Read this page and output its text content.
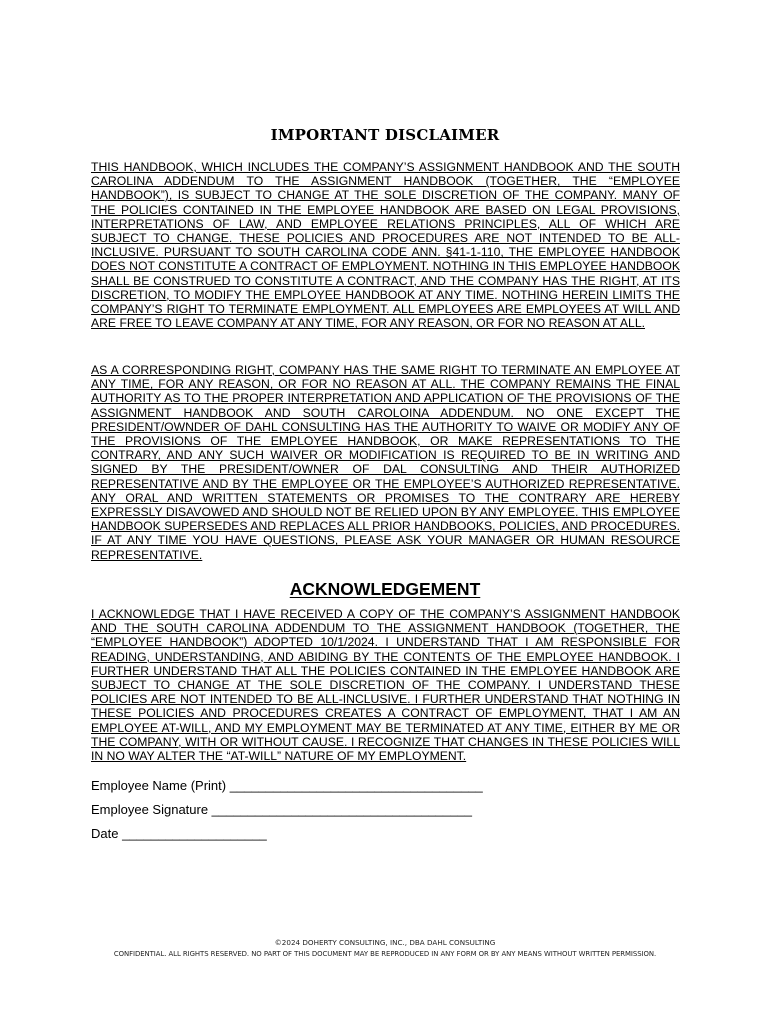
IMPORTANT DISCLAIMER

THIS HANDBOOK, WHICH INCLUDES THE COMPANY’S ASSIGNMENT HANDBOOK AND THE SOUTH CAROLINA ADDENDUM TO THE ASSIGNMENT HANDBOOK (TOGETHER, THE “EMPLOYEE HANDBOOK”), IS SUBJECT TO CHANGE AT THE SOLE DISCRETION OF THE COMPANY. MANY OF THE POLICIES CONTAINED IN THE EMPLOYEE HANDBOOK ARE BASED ON LEGAL PROVISIONS, INTERPRETATIONS OF LAW, AND EMPLOYEE RELATIONS PRINCIPLES, ALL OF WHICH ARE SUBJECT TO CHANGE. THESE POLICIES AND PROCEDURES ARE NOT INTENDED TO BE ALL-INCLUSIVE. PURSUANT TO SOUTH CAROLINA CODE ANN. §41-1-110, THE EMPLOYEE HANDBOOK DOES NOT CONSTITUTE A CONTRACT OF EMPLOYMENT. NOTHING IN THIS EMPLOYEE HANDBOOK SHALL BE CONSTRUED TO CONSTITUTE A CONTRACT, AND THE COMPANY HAS THE RIGHT, AT ITS DISCRETION, TO MODIFY THE EMPLOYEE HANDBOOK AT ANY TIME. NOTHING HEREIN LIMITS THE COMPANY’S RIGHT TO TERMINATE EMPLOYMENT. ALL EMPLOYEES ARE EMPLOYEES AT WILL AND ARE FREE TO LEAVE COMPANY AT ANY TIME, FOR ANY REASON, OR FOR NO REASON AT ALL.

AS A CORRESPONDING RIGHT, COMPANY HAS THE SAME RIGHT TO TERMINATE AN EMPLOYEE AT ANY TIME, FOR ANY REASON, OR FOR NO REASON AT ALL. THE COMPANY REMAINS THE FINAL AUTHORITY AS TO THE PROPER INTERPRETATION AND APPLICATION OF THE PROVISIONS OF THE ASSIGNMENT HANDBOOK AND SOUTH CAROLOINA ADDENDUM. NO ONE EXCEPT THE PRESIDENT/OWNDER OF DAHL CONSULTING HAS THE AUTHORITY TO WAIVE OR MODIFY ANY OF THE PROVISIONS OF THE EMPLOYEE HANDBOOK, OR MAKE REPRESENTATIONS TO THE CONTRARY, AND ANY SUCH WAIVER OR MODIFICATION IS REQUIRED TO BE IN WRITING AND SIGNED BY THE PRESIDENT/OWNER OF DAL CONSULTING AND THEIR AUTHORIZED REPRESENTATIVE AND BY THE EMPLOYEE OR THE EMPLOYEE’S AUTHORIZED REPRESENTATIVE. ANY ORAL AND WRITTEN STATEMENTS OR PROMISES TO THE CONTRARY ARE HEREBY EXPRESSLY DISAVOWED AND SHOULD NOT BE RELIED UPON BY ANY EMPLOYEE. THIS EMPLOYEE HANDBOOK SUPERSEDES AND REPLACES ALL PRIOR HANDBOOKS, POLICIES, AND PROCEDURES. IF AT ANY TIME YOU HAVE QUESTIONS, PLEASE ASK YOUR MANAGER OR HUMAN RESOURCE REPRESENTATIVE.

ACKNOWLEDGEMENT

I ACKNOWLEDGE THAT I HAVE RECEIVED A COPY OF THE COMPANY’S ASSIGNMENT HANDBOOK AND THE SOUTH CAROLINA ADDENDUM TO THE ASSIGNMENT HANDBOOK (TOGETHER, THE “EMPLOYEE HANDBOOK”) ADOPTED 10/1/2024. I UNDERSTAND THAT I AM RESPONSIBLE FOR READING, UNDERSTANDING, AND ABIDING BY THE CONTENTS OF THE EMPLOYEE HANDBOOK. I FURTHER UNDERSTAND THAT ALL THE POLICIES CONTAINED IN THE EMPLOYEE HANDBOOK ARE SUBJECT TO CHANGE AT THE SOLE DISCRETION OF THE COMPANY. I UNDERSTAND THESE POLICIES ARE NOT INTENDED TO BE ALL-INCLUSIVE. I FURTHER UNDERSTAND THAT NOTHING IN THESE POLICIES AND PROCEDURES CREATES A CONTRACT OF EMPLOYMENT, THAT I AM AN EMPLOYEE AT-WILL, AND MY EMPLOYMENT MAY BE TERMINATED AT ANY TIME, EITHER BY ME OR THE COMPANY, WITH OR WITHOUT CAUSE. I RECOGNIZE THAT CHANGES IN THESE POLICIES WILL IN NO WAY ALTER THE “AT-WILL” NATURE OF MY EMPLOYMENT.

Employee Name (Print) ___________________________________
Employee Signature ____________________________________
Date ____________________
©2024 DOHERTY CONSULTING, INC., DBA DAHL CONSULTING
CONFIDENTIAL. ALL RIGHTS RESERVED. NO PART OF THIS DOCUMENT MAY BE REPRODUCED IN ANY FORM OR BY ANY MEANS WITHOUT WRITTEN PERMISSION.
